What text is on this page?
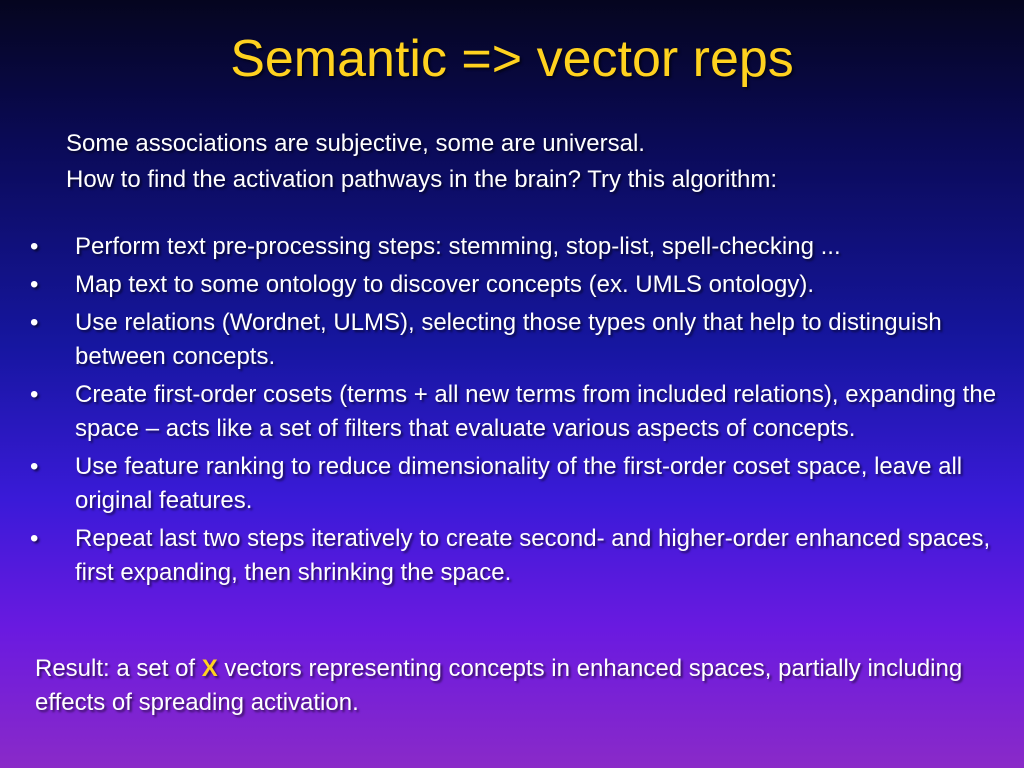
Semantic => vector reps
Some associations are subjective, some are universal.
How to find the activation pathways in the brain? Try this algorithm:
• Perform text pre-processing steps: stemming, stop-list, spell-checking ...
• Map text to some ontology to discover concepts (ex. UMLS ontology).
• Use relations (Wordnet, ULMS), selecting those types only that help to distinguish between concepts.
• Create first-order cosets (terms + all new terms from included relations), expanding the space – acts like a set of filters that evaluate various aspects of concepts.
• Use feature ranking to reduce dimensionality of the first-order coset space, leave all original features.
• Repeat last two steps iteratively to create second- and higher-order enhanced spaces, first expanding, then shrinking the space.
Result: a set of X vectors representing concepts in enhanced spaces, partially including effects of spreading activation.
